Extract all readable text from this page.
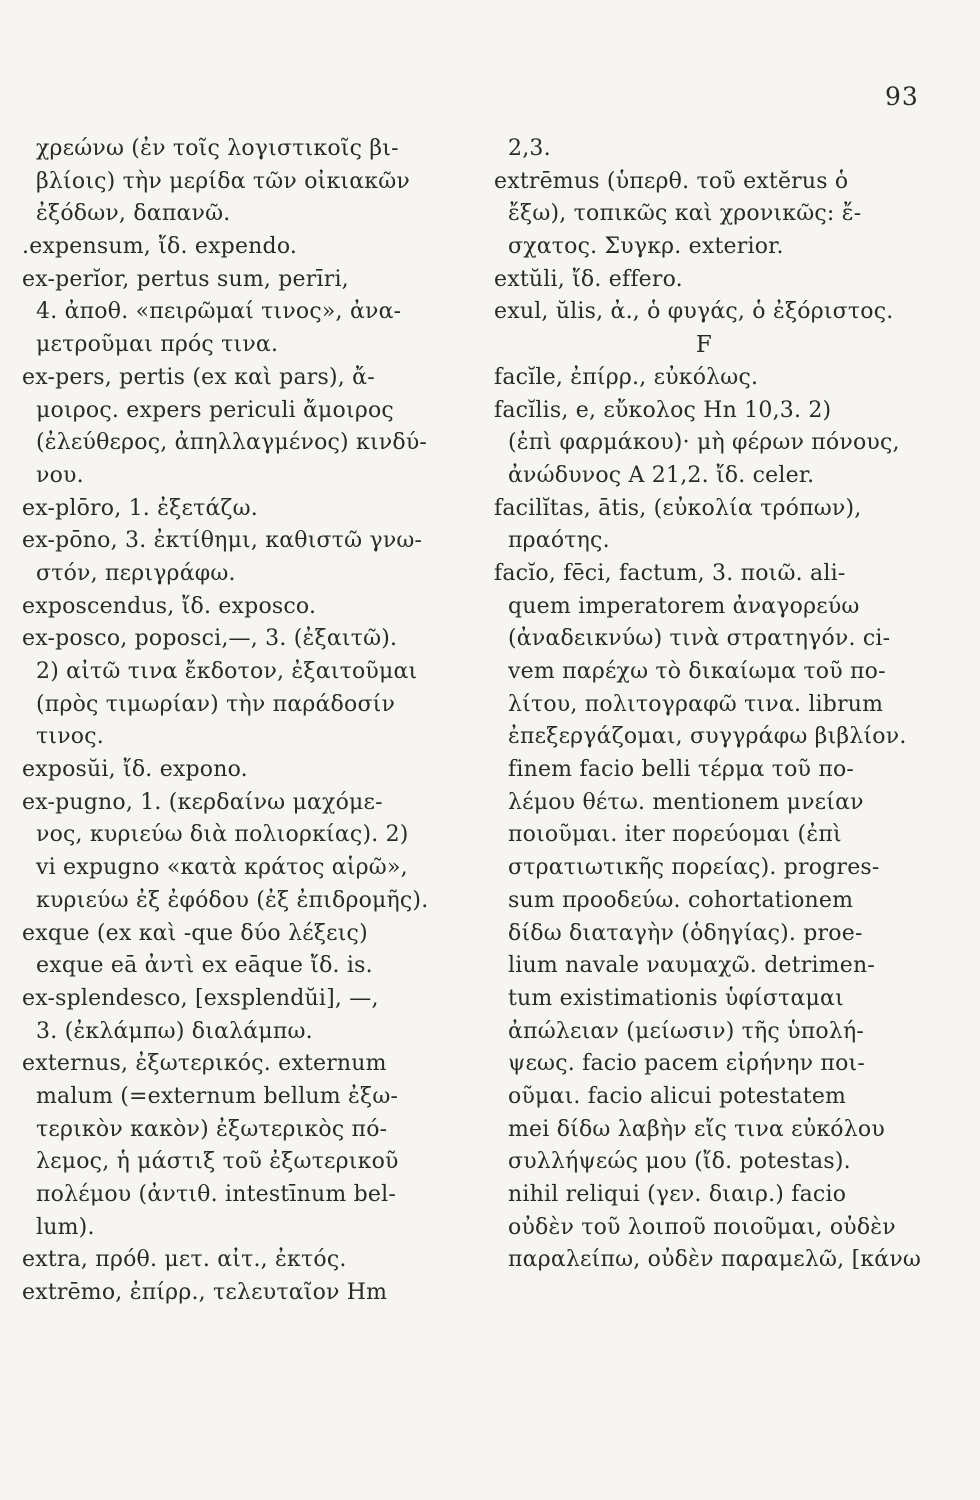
93
χρεώνω (ἐν τοῖς λογιστικοῖς βι-
βλίοις) τὴν μερίδα τῶν οἰκιακῶν
ἐξόδων, δαπανῶ.
.expensum, ἴδ. expendo.
ex-perĭor, pertus sum, perīri,
4. ἀποθ. «πειρῶμαί τινος», ἀνα-
μετροῦμαι πρός τινα.
ex-pers, pertis (ex καὶ pars), ἄ-
μοιρος. expers periculi ἄμοιρος
(ἐλεύθερος, ἀπηλλαγμένος) κινδύ-
νου.
ex-plōro, 1. ἐξετάζω.
ex-pōno, 3. ἐκτίθημι, καθιστῶ γνω-
στόν, περιγράφω.
exposcendus, ἴδ. exposco.
ex-posco, poposci,—, 3. (ἐξαιτῶ).
2) αἰτῶ τινα ἔκδοτον, ἐξαιτοῦμαι
(πρὸς τιμωρίαν) τὴν παράδοσίν
τινος.
exposŭi, ἴδ. expono.
ex-pugno, 1. (κερδαίνω μαχόμε-
νος, κυριεύω διὰ πολιορκίας). 2)
vi expugno «κατὰ κράτος αἱρῶ»,
κυριεύω ἐξ ἐφόδου (ἐξ ἐπιδρομῆς).
exque (ex καὶ -que δύο λέξεις)
exque eā ἀντὶ ex eāque ἴδ. is.
ex-splendesco, [exsplendŭi], —,
3. (ἐκλάμπω) διαλάμπω.
externus, ἐξωτερικός. externum
malum (=externum bellum ἐξω-
τερικὸν κακὸν) ἐξωτερικὸς πό-
λεμος, ἡ μάστιξ τοῦ ἐξωτερικοῦ
πολέμου (ἀντιθ. intestīnum bel-
lum).
extra, πρόθ. μετ. αἰτ., ἐκτός.
extrēmo, ἐπίρρ., τελευταῖον Hm
2,3.
extrēmus (ὑπερθ. τοῦ extĕrus ὁ
ἔξω), τοπικῶς καὶ χρονικῶς: ἔ-
σχατος. Συγκρ. exterior.
extŭli, ἴδ. effero.
exul, ŭlis, ἀ., ὁ φυγάς, ὁ ἐξόριστος.
F
facĭle, ἐπίρρ., εὐκόλως.
facĭlis, e, εὔκολος Hn 10,3. 2)
(ἐπὶ φαρμάκου)· μὴ φέρων πόνους,
ἀνώδυνος A 21,2. ἴδ. celer.
facilĭtas, ātis, (εὐκολία τρόπων),
πραότης.
facĭo, fēci, factum, 3. ποιῶ. ali-
quem imperatorem ἀναγορεύω
(ἀναδεικνύω) τινὰ στρατηγόν. ci-
vem παρέχω τὸ δικαίωμα τοῦ πο-
λίτου, πολιτογραφῶ τινα. librum
ἐπεξεργάζομαι, συγγράφω βιβλίον.
finem facio belli τέρμα τοῦ πο-
λέμου θέτω. mentionem μνείαν
ποιοῦμαι. iter πορεύομαι (ἐπὶ
στρατιωτικῆς πορείας). progres-
sum προοδεύω. cohortationem
δίδω διαταγὴν (ὁδηγίας). proe-
lium navale ναυμαχῶ. detrimen-
tum existimationis ὑφίσταμαι
ἀπώλειαν (μείωσιν) τῆς ὑπολή-
ψεως. facio pacem εἰρήνην ποι-
οῦμαι. facio alicui potestatem
mei δίδω λαβὴν εἴς τινα εὐκόλου
συλλήψεώς μου (ἴδ. potestas).
nihil reliqui (γεν. διαιρ.) facio
οὐδὲν τοῦ λοιποῦ ποιοῦμαι, οὐδὲν
παραλείπω, οὐδὲν παραμελῶ, [κάνω
